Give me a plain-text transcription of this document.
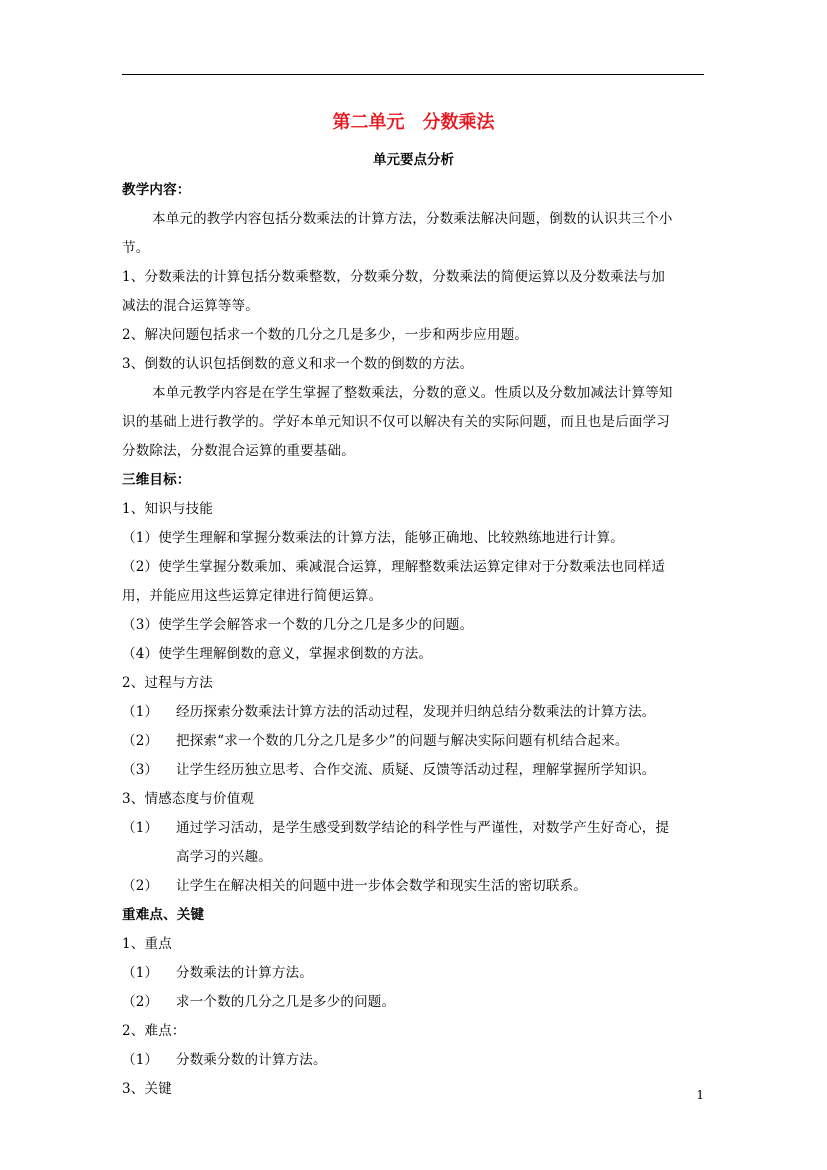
第二单元　分数乘法
单元要点分析
教学内容：
本单元的教学内容包括分数乘法的计算方法，分数乘法解决问题，倒数的认识共三个小
节。
1、分数乘法的计算包括分数乘整数，分数乘分数，分数乘法的简便运算以及分数乘法与加
减法的混合运算等等。
2、解决问题包括求一个数的几分之几是多少，一步和两步应用题。
3、倒数的认识包括倒数的意义和求一个数的倒数的方法。
本单元教学内容是在学生掌握了整数乘法，分数的意义。性质以及分数加减法计算等知
识的基础上进行教学的。学好本单元知识不仅可以解决有关的实际问题，而且也是后面学习
分数除法，分数混合运算的重要基础。
三维目标：
1、知识与技能
（1）使学生理解和掌握分数乘法的计算方法，能够正确地、比较熟练地进行计算。
（2）使学生掌握分数乘加、乘减混合运算，理解整数乘法运算定律对于分数乘法也同样适
用，并能应用这些运算定律进行简便运算。
（3）使学生学会解答求一个数的几分之几是多少的问题。
（4）使学生理解倒数的意义，掌握求倒数的方法。
2、过程与方法
（1） 经历探索分数乘法计算方法的活动过程，发现并归纳总结分数乘法的计算方法。
（2） 把探索“求一个数的几分之几是多少”的问题与解决实际问题有机结合起来。
（3） 让学生经历独立思考、合作交流、质疑、反馈等活动过程，理解掌握所学知识。
3、情感态度与价值观
（1） 通过学习活动，是学生感受到数学结论的科学性与严谨性，对数学产生好奇心，提
高学习的兴趣。
（2） 让学生在解决相关的问题中进一步体会数学和现实生活的密切联系。
重难点、关键
1、重点
（1） 分数乘法的计算方法。
（2） 求一个数的几分之几是多少的问题。
2、难点：
（1） 分数乘分数的计算方法。
3、关键	1
